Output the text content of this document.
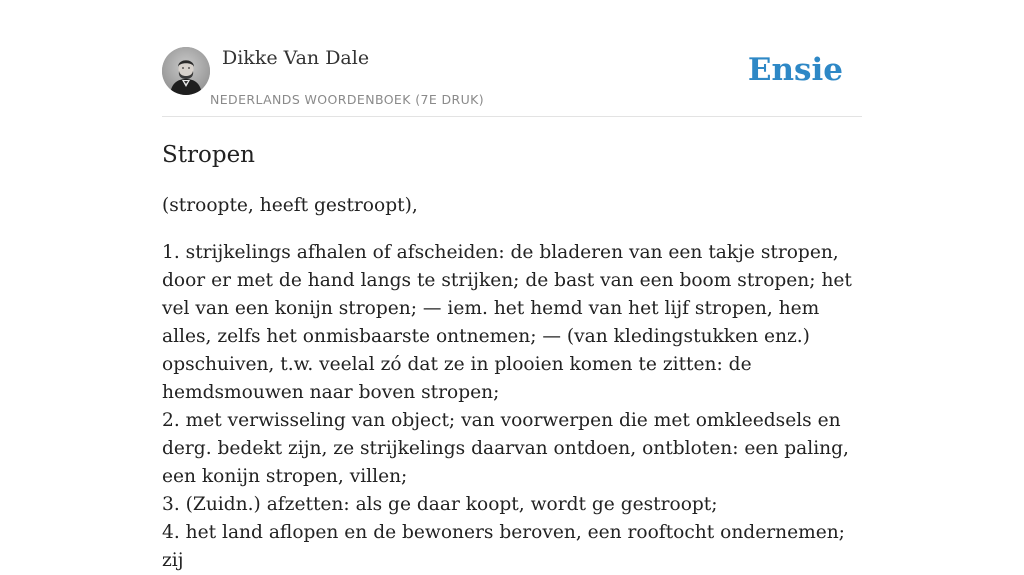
Dikke Van Dale
NEDERLANDS WOORDENBOEK (7E DRUK)
Ensie
Stropen

(stroopte, heeft gestroopt),

1. strijkelings afhalen of afscheiden: de bladeren van een takje stropen, door er met de hand langs te strijken; de bast van een boom stropen; het vel van een konijn stropen; — iem. het hemd van het lijf stropen, hem alles, zelfs het onmisbaarste ontnemen; — (van kledingstukken enz.) opschuiven, t.w. veelal zó dat ze in plooien komen te zitten: de hemdsmouwen naar boven stropen;
2. met verwisseling van object; van voorwerpen die met omkleedsels en derg. bedekt zijn, ze strijkelings daarvan ontdoen, ontbloten: een paling, een konijn stropen, villen;
3. (Zuidn.) afzetten: als ge daar koopt, wordt ge gestroopt;
4. het land aflopen en de bewoners beroven, een rooftocht ondernemen; zij
